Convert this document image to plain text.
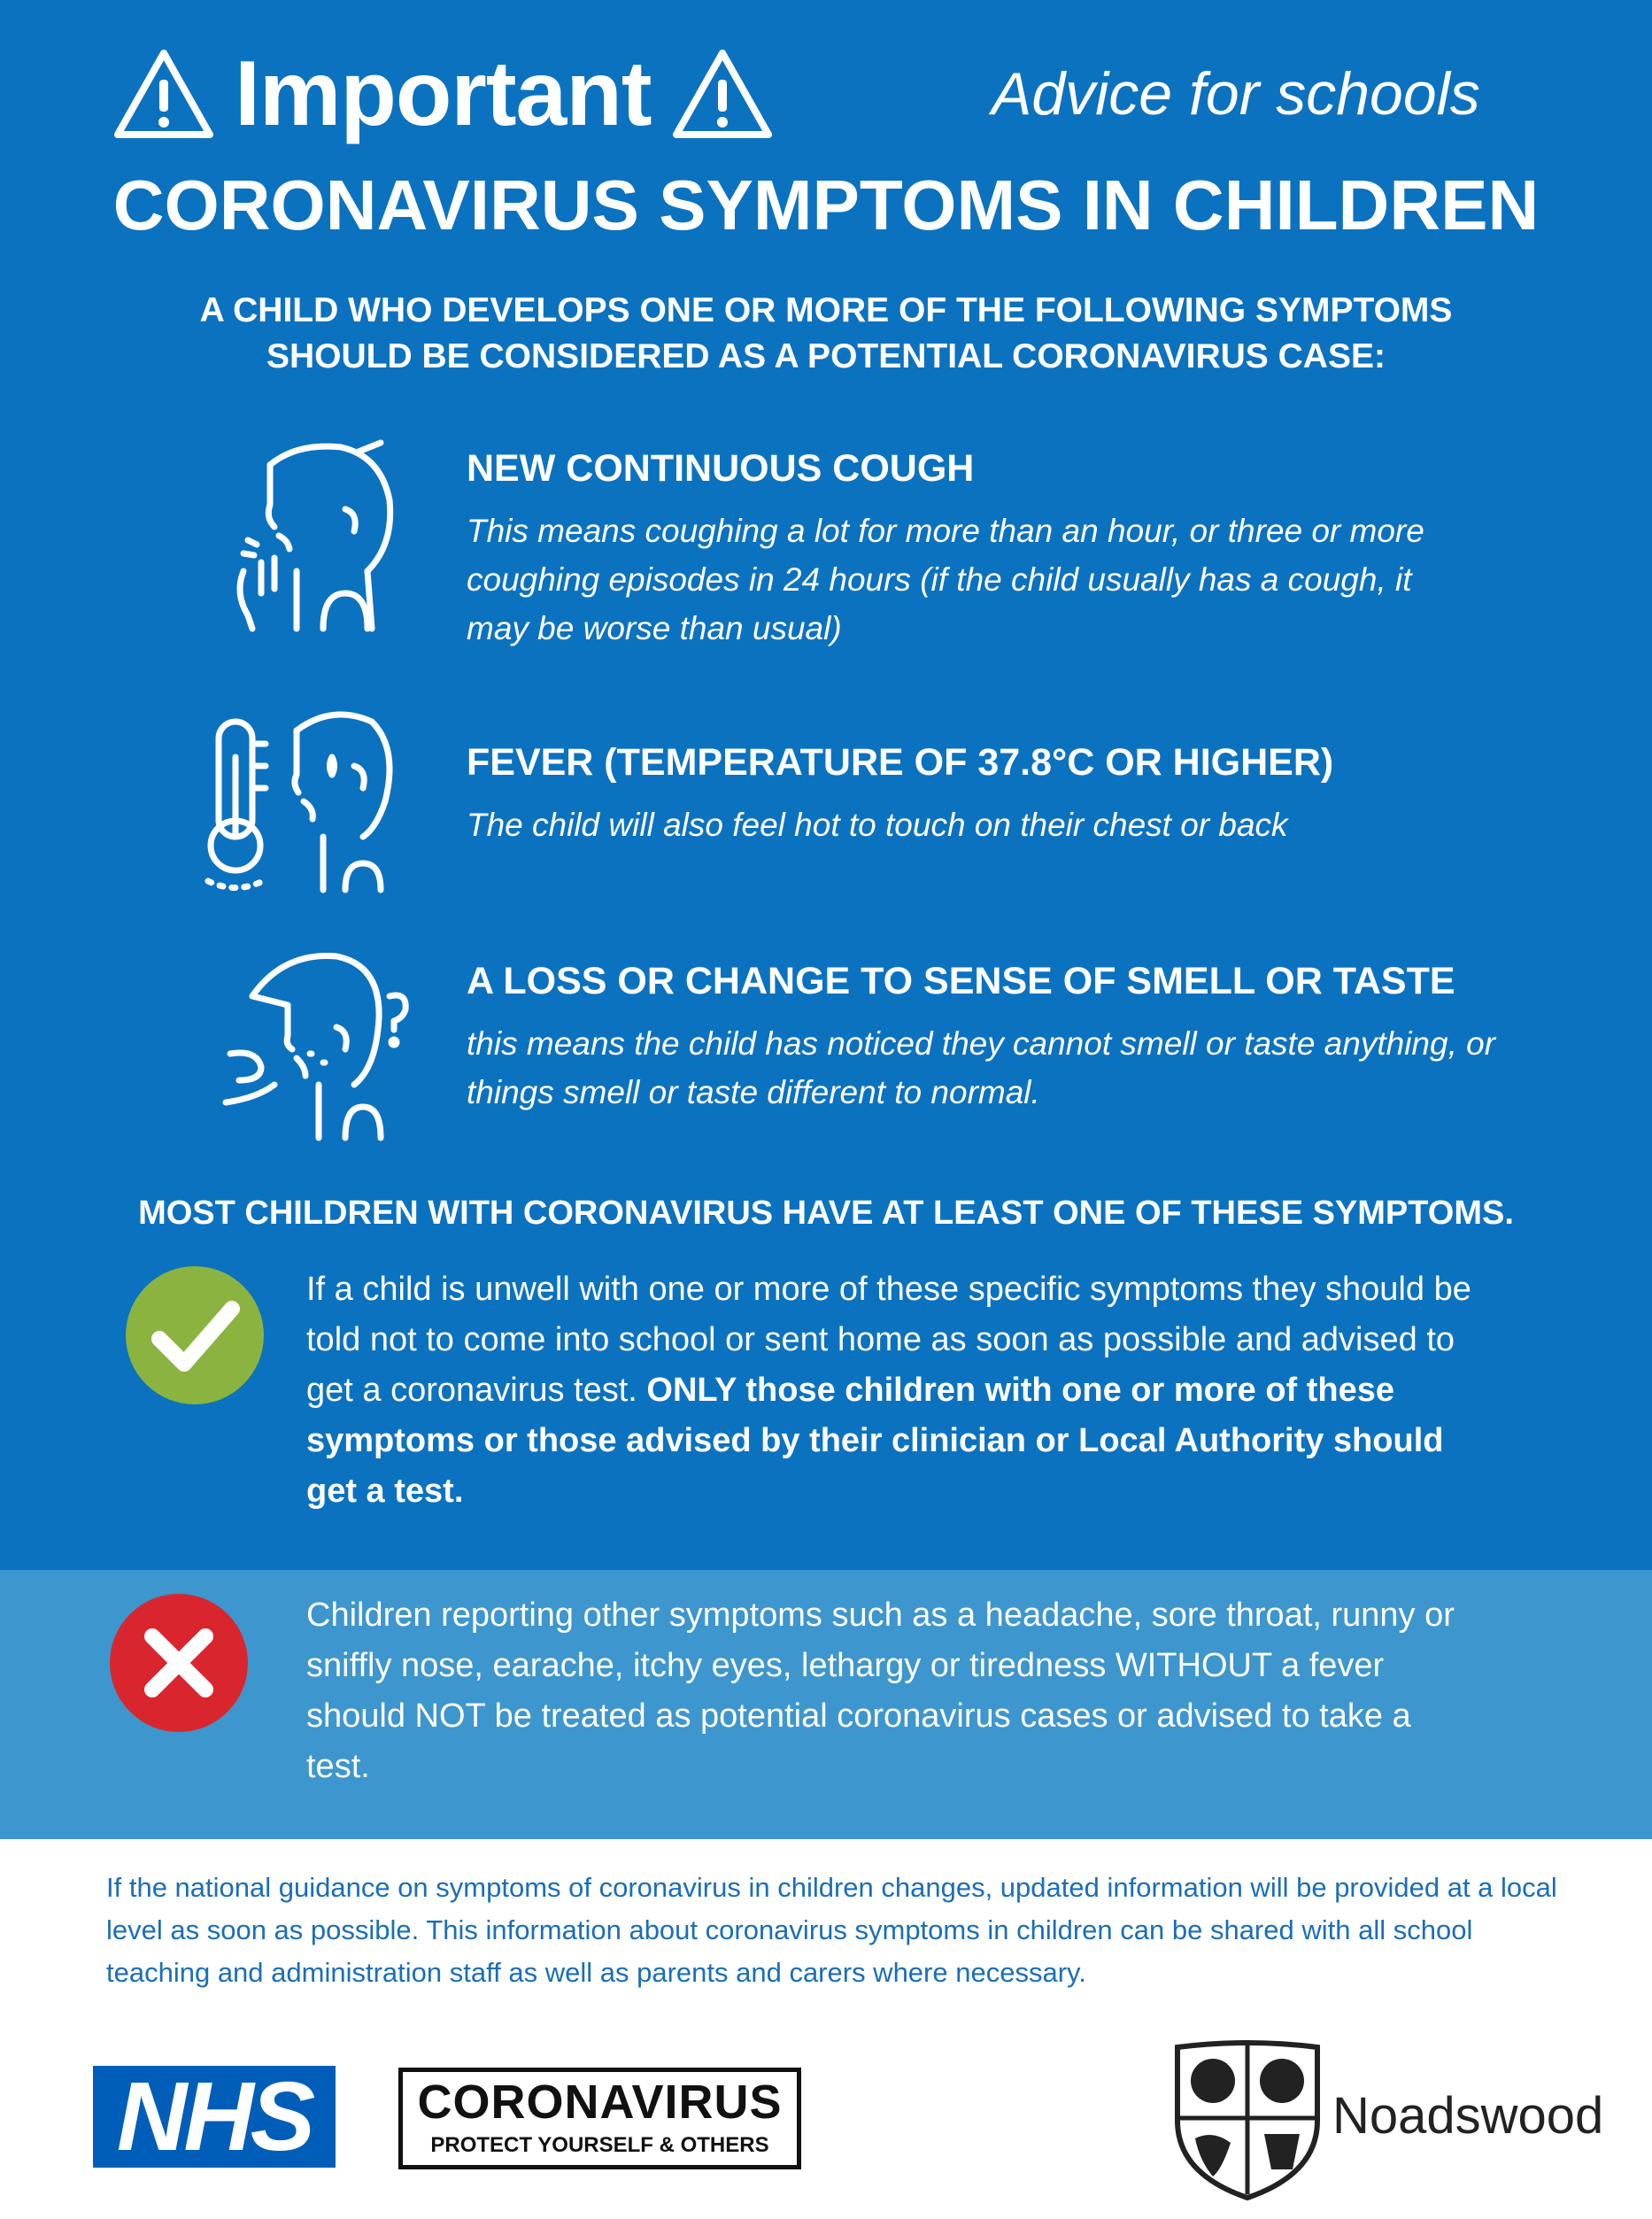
Important	Advice for schools
CORONAVIRUS SYMPTOMS IN CHILDREN
A CHILD WHO DEVELOPS ONE OR MORE OF THE FOLLOWING SYMPTOMS
SHOULD BE CONSIDERED AS A POTENTIAL CORONAVIRUS CASE:
NEW CONTINUOUS COUGH
This means coughing a lot for more than an hour, or three or more coughing episodes in 24 hours (if the child usually has a cough, it may be worse than usual)
FEVER (TEMPERATURE OF 37.8°C OR HIGHER)
The child will also feel hot to touch on their chest or back
A LOSS OR CHANGE TO SENSE OF SMELL OR TASTE
this means the child has noticed they cannot smell or taste anything, or things smell or taste different to normal.
MOST CHILDREN WITH CORONAVIRUS HAVE AT LEAST ONE OF THESE SYMPTOMS.
If a child is unwell with one or more of these specific symptoms they should be told not to come into school or sent home as soon as possible and advised to get a coronavirus test. ONLY those children with one or more of these symptoms or those advised by their clinician or Local Authority should get a test.
Children reporting other symptoms such as a headache, sore throat, runny or sniffly nose, earache, itchy eyes, lethargy or tiredness WITHOUT a fever should NOT be treated as potential coronavirus cases or advised to take a test.
If the national guidance on symptoms of coronavirus in children changes, updated information will be provided at a local level as soon as possible. This information about coronavirus symptoms in children can be shared with all school teaching and administration staff as well as parents and carers where necessary.
NHS	CORONAVIRUS
PROTECT YOURSELF & OTHERS
Noadswood
